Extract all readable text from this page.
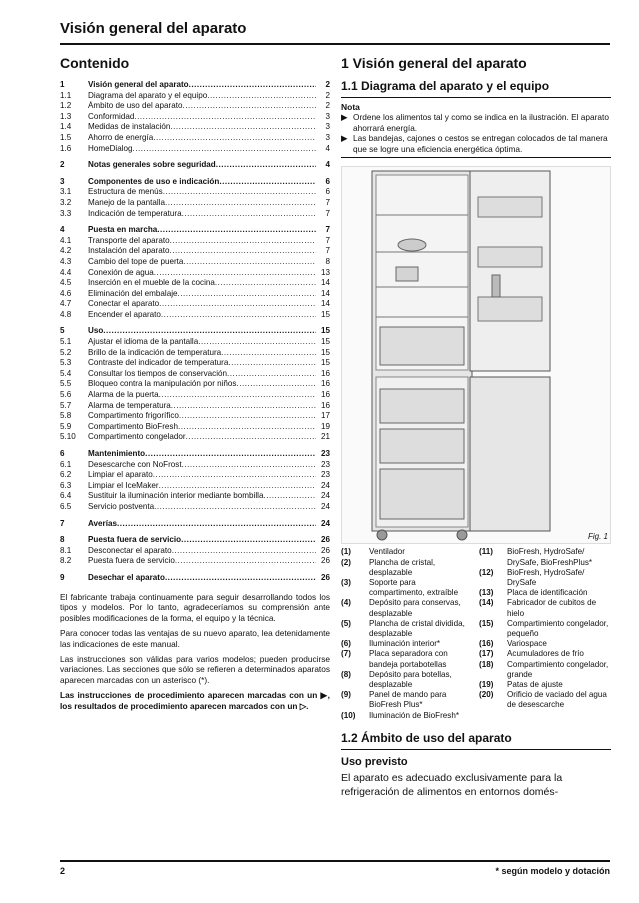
Visión general del aparato
Contenido
1	Visión general del aparato .....	2
1.1	Diagrama del aparato y el equipo .....	2
1.2	Ámbito de uso del aparato .....	2
1.3	Conformidad .....	3
1.4	Medidas de instalación .....	3
1.5	Ahorro de energía .....	3
1.6	HomeDialog .....	4
2	Notas generales sobre seguridad .....	4
3	Componentes de uso e indicación .....	6
3.1	Estructura de menús .....	6
3.2	Manejo de la pantalla .....	7
3.3	Indicación de temperatura .....	7
4	Puesta en marcha .....	7
4.1	Transporte del aparato .....	7
4.2	Instalación del aparato .....	7
4.3	Cambio del tope de puerta .....	8
4.4	Conexión de agua .....	13
4.5	Inserción en el mueble de la cocina .....	14
4.6	Eliminación del embalaje .....	14
4.7	Conectar el aparato .....	14
4.8	Encender el aparato .....	15
5	Uso .....	15
5.1	Ajustar el idioma de la pantalla .....	15
5.2	Brillo de la indicación de temperatura .....	15
5.3	Contraste del indicador de temperatura .....	15
5.4	Consultar los tiempos de conservación .....	16
5.5	Bloqueo contra la manipulación por niños .....	16
5.6	Alarma de la puerta .....	16
5.7	Alarma de temperatura .....	16
5.8	Compartimento frigorífico .....	17
5.9	Compartimento BioFresh .....	19
5.10	Compartimento congelador .....	21
6	Mantenimiento .....	23
6.1	Desescarche con NoFrost .....	23
6.2	Limpiar el aparato .....	23
6.3	Limpiar el IceMaker .....	24
6.4	Sustituir la iluminación interior mediante bombilla .....	24
6.5	Servicio postventa .....	24
7	Averías .....	24
8	Puesta fuera de servicio .....	26
8.1	Desconectar el aparato .....	26
8.2	Puesta fuera de servicio .....	26
9	Desechar el aparato .....	26

El fabricante trabaja continuamente para seguir desarrollando todos los tipos y modelos. Por lo tanto, agradeceríamos su comprensión ante posibles modificaciones de la forma, el equipo y la técnica.

Para conocer todas las ventajas de su nuevo aparato, lea detenidamente las indicaciones de este manual.

Las instrucciones son válidas para varios modelos; pueden producirse variaciones. Las secciones que sólo se refieren a determinados aparatos aparecen marcadas con un asterisco (*).

Las instrucciones de procedimiento aparecen marcadas con un ▶, los resultados de procedimiento aparecen marcados con un ▷.

1 Visión general del aparato
1.1 Diagrama del aparato y el equipo
Nota
▶ Ordene los alimentos tal y como se indica en la ilustración. El aparato ahorrará energía.
▶ Las bandejas, cajones o cestos se entregan colocados de tal manera que se logre una eficiencia energética óptima.
Fig. 1
(1)	Ventilador
(2)	Plancha de cristal, desplazable
(3)	Soporte para compartimento, extraíble
(4)	Depósito para conservas, desplazable
(5)	Plancha de cristal dividida, desplazable
(6)	Iluminación interior*
(7)	Placa separadora con bandeja portabotellas
(8)	Depósito para botellas, desplazable
(9)	Panel de mando para BioFresh Plus*
(10)	Iluminación de BioFresh*
(11)	BioFresh, HydroSafe/ DrySafe, BioFreshPlus*
(12)	BioFresh, HydroSafe/ DrySafe
(13)	Placa de identificación
(14)	Fabricador de cubitos de hielo
(15)	Compartimiento congelador, pequeño
(16)	Variospace
(17)	Acumuladores de frío
(18)	Compartimiento congelador, grande
(19)	Patas de ajuste
(20)	Orificio de vaciado del agua de desescarche
1.2 Ámbito de uso del aparato
Uso previsto
El aparato es adecuado exclusivamente para la refrigeración de alimentos en entornos domés-
2	* según modelo y dotación
